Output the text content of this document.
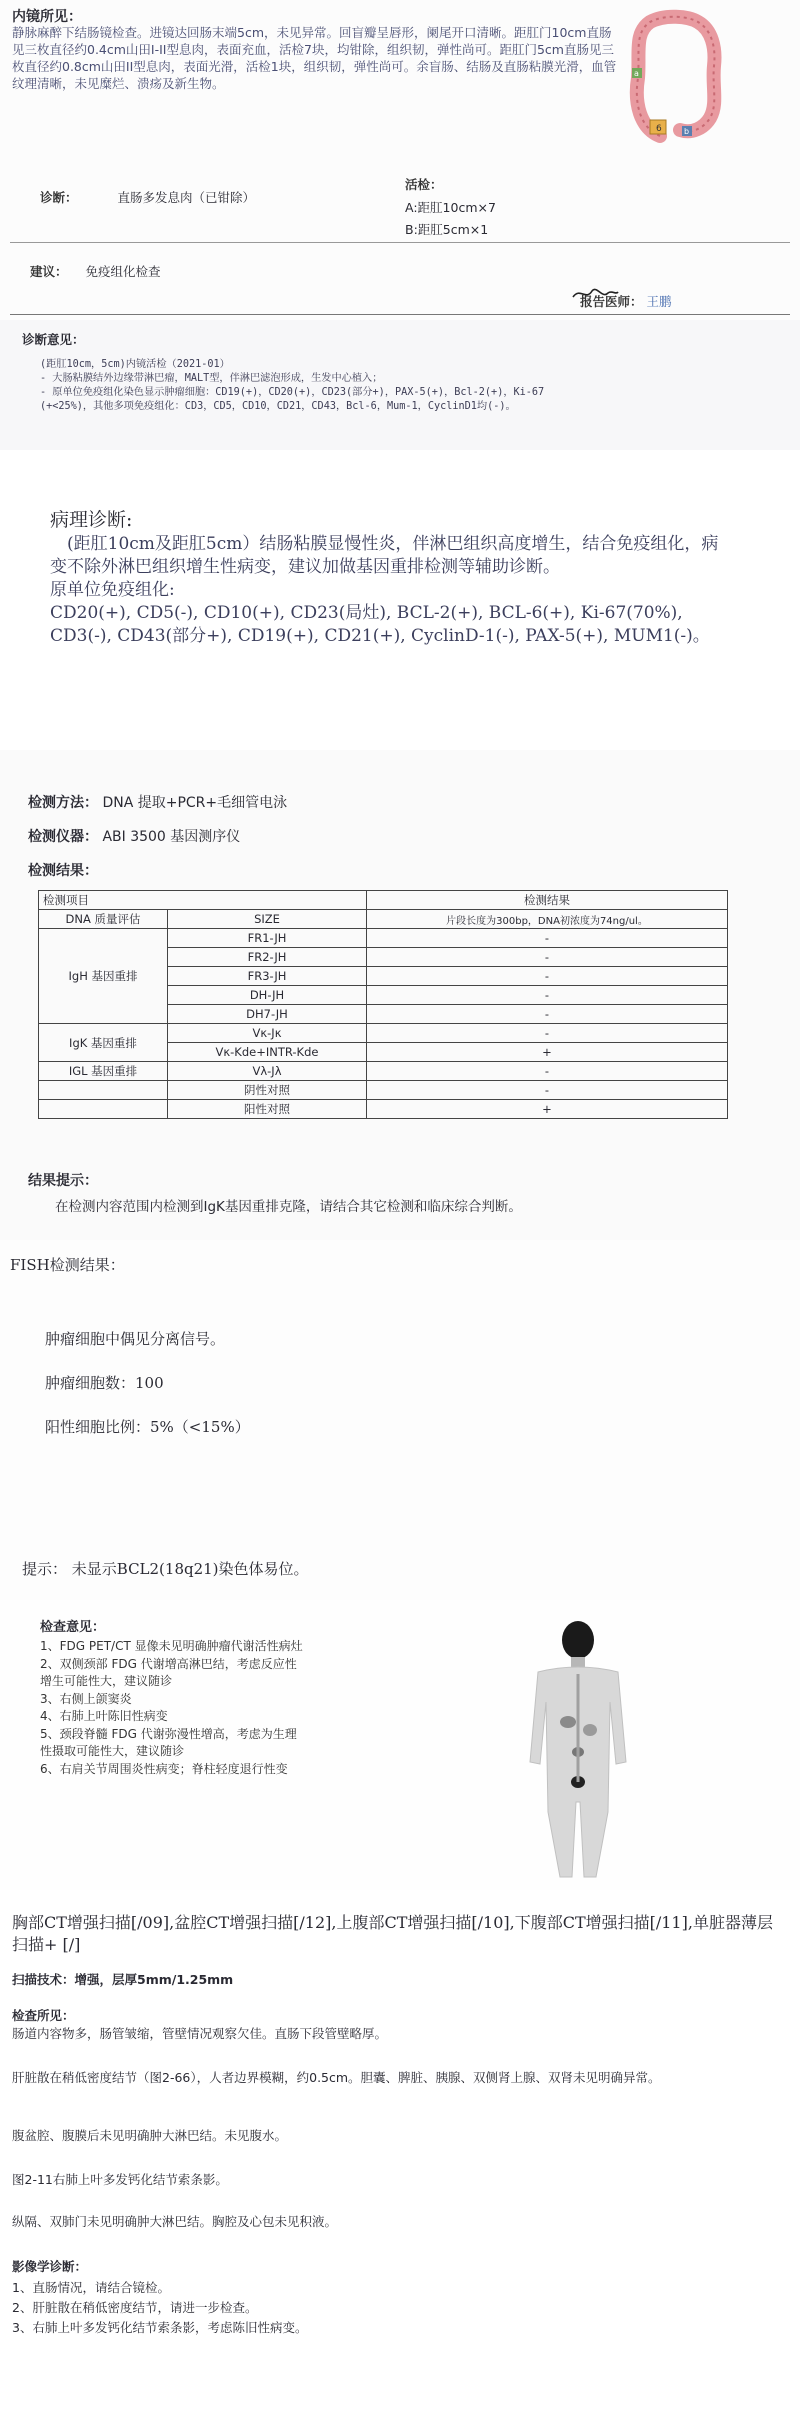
内镜所见：

静脉麻醉下结肠镜检查。进镜达回肠末端5cm，未见异常。回盲瓣呈唇形，阑尾开口清晰。距肛门10cm直肠见三枚直径约0.4cm山田I-II型息肉，表面充血，活检7块，均钳除，组织韧，弹性尚可。距肛门5cm直肠见三枚直径约0.8cm山田II型息肉，表面光滑，活检1块，组织韧，弹性尚可。余盲肠、结肠及直肠粘膜光滑，血管纹理清晰，未见糜烂、溃疡及新生物。

6
a
b
诊断：	直肠多发息肉（已钳除）
活检：
A:距肛10cm×7
B:距肛5cm×1
建议： 免疫组化检查
报告医师： 王鹏
诊断意见：
(距肛10cm，5cm)内镜活检（2021-01）
- 大肠粘膜结外边缘带淋巴瘤，MALT型，伴淋巴滤泡形成，生发中心植入；
- 原单位免疫组化染色显示肿瘤细胞：CD19(+)，CD20(+)，CD23(部分+)，PAX-5(+)，Bcl-2(+)，Ki-67
(+<25%)，其他多项免疫组化：CD3，CD5，CD10，CD21，CD43，Bcl-6，Mum-1，CyclinD1均(-)。
病理诊断:
(距肛10cm及距肛5cm）结肠粘膜显慢性炎，伴淋巴组织高度增生，结合免疫组化，病变不除外淋巴组织增生性病变，建议加做基因重排检测等辅助诊断。
原单位免疫组化:
CD20(+), CD5(-), CD10(+), CD23(局灶), BCL-2(+), BCL-6(+), Ki-67(70%), CD3(-), CD43(部分+), CD19(+), CD21(+), CyclinD-1(-), PAX-5(+), MUM1(-)。
检测方法： DNA 提取+PCR+毛细管电泳
检测仪器： ABI 3500 基因测序仪
检测结果：
检测项目		检测结果
DNA 质量评估	SIZE	片段长度为300bp，DNA初浓度为74ng/ul。
IgH 基因重排	FR1-JH	-
	FR2-JH	-
	FR3-JH	-
	DH-JH	-
	DH7-JH	-
IgK 基因重排	Vκ-Jκ	-
	Vκ-Kde+INTR-Kde	+
IGL 基因重排	Vλ-Jλ	-
	阴性对照	-
	阳性对照	+
结果提示：
在检测内容范围内检测到IgK基因重排克隆，请结合其它检测和临床综合判断。
FISH检测结果：
肿瘤细胞中偶见分离信号。
肿瘤细胞数：100
阳性细胞比例：5%（<15%）
提示： 未显示BCL2(18q21)染色体易位。
检查意见：
1、FDG PET/CT 显像未见明确肿瘤代谢活性病灶
2、双侧颈部 FDG 代谢增高淋巴结，考虑反应性
增生可能性大，建议随诊
3、右侧上颌窦炎
4、右肺上叶陈旧性病变
5、颈段脊髓 FDG 代谢弥漫性增高，考虑为生理
性摄取可能性大，建议随诊
6、右肩关节周围炎性病变；脊柱轻度退行性变
胸部CT增强扫描[/09],盆腔CT增强扫描[/12],上腹部CT增强扫描[/10],下腹部CT增强扫描[/11],单脏器薄层扫描+ [/]
扫描技术：增强，层厚5mm/1.25mm
检查所见：
肠道内容物多，肠管皱缩，管壁情况观察欠佳。直肠下段管壁略厚。
肝脏散在稍低密度结节（图2-66），人者边界模糊，约0.5cm。胆囊、脾脏、胰腺、双侧肾上腺、双肾未见明确异常。
腹盆腔、腹膜后未见明确肿大淋巴结。未见腹水。
图2-11右肺上叶多发钙化结节索条影。
纵隔、双肺门未见明确肿大淋巴结。胸腔及心包未见积液。
影像学诊断：
1、直肠情况，请结合镜检。
2、肝脏散在稍低密度结节，请进一步检查。
3、右肺上叶多发钙化结节索条影，考虑陈旧性病变。
